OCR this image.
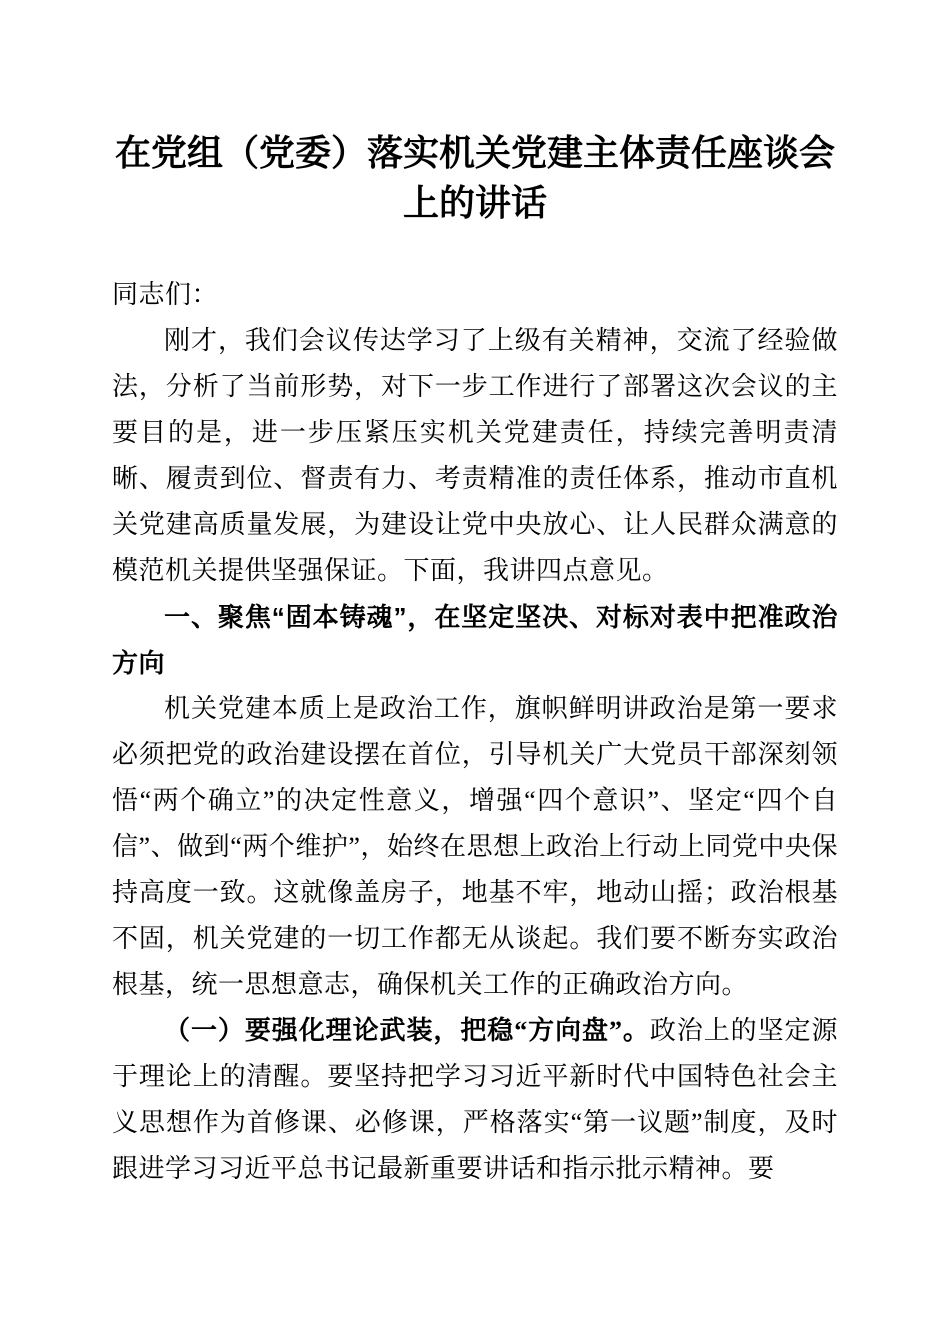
在党组（党委）落实机关党建主体责任座谈会上的讲话

同志们：

刚才，我们会议传达学习了上级有关精神，交流了经验做法，分析了当前形势，对下一步工作进行了部署这次会议的主要目的是，进一步压紧压实机关党建责任，持续完善明责清晰、履责到位、督责有力、考责精准的责任体系，推动市直机关党建高质量发展，为建设让党中央放心、让人民群众满意的模范机关提供坚强保证。下面，我讲四点意见。

一、聚焦“固本铸魂”，在坚定坚决、对标对表中把准政治方向

机关党建本质上是政治工作，旗帜鲜明讲政治是第一要求必须把党的政治建设摆在首位，引导机关广大党员干部深刻领悟“两个确立”的决定性意义，增强“四个意识”、坚定“四个自信”、做到“两个维护”，始终在思想上政治上行动上同党中央保持高度一致。这就像盖房子，地基不牢，地动山摇；政治根基不固，机关党建的一切工作都无从谈起。我们要不断夯实政治根基，统一思想意志，确保机关工作的正确政治方向。

（一）要强化理论武装，把稳“方向盘”。政治上的坚定源于理论上的清醒。要坚持把学习习近平新时代中国特色社会主义思想作为首修课、必修课，严格落实“第一议题”制度，及时跟进学习习近平总书记最新重要讲话和指示批示精神。要
